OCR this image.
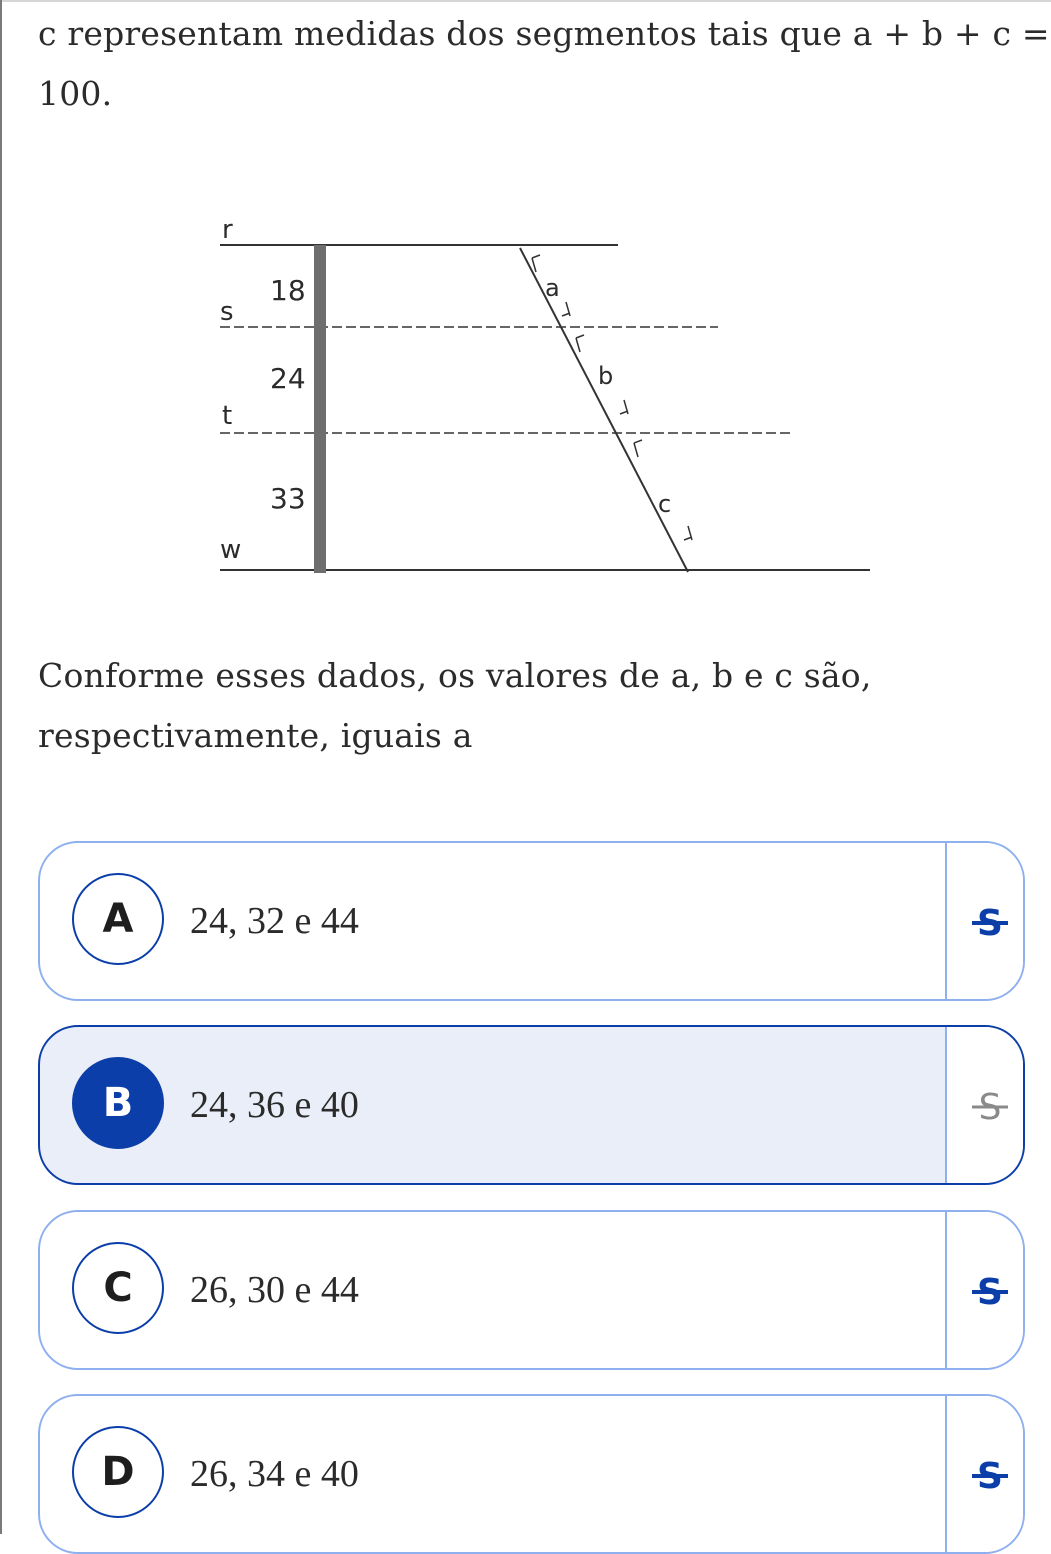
c representam medidas dos segmentos tais que a + b + c =
100.
r
s
t
w
18
24
33
a
b
c
Conforme esses dados, os valores de a, b e c são,
respectivamente, iguais a
A	24, 32 e 44	S
B	24, 36 e 40	S
C	26, 30 e 44	S
D	26, 34 e 40	S
